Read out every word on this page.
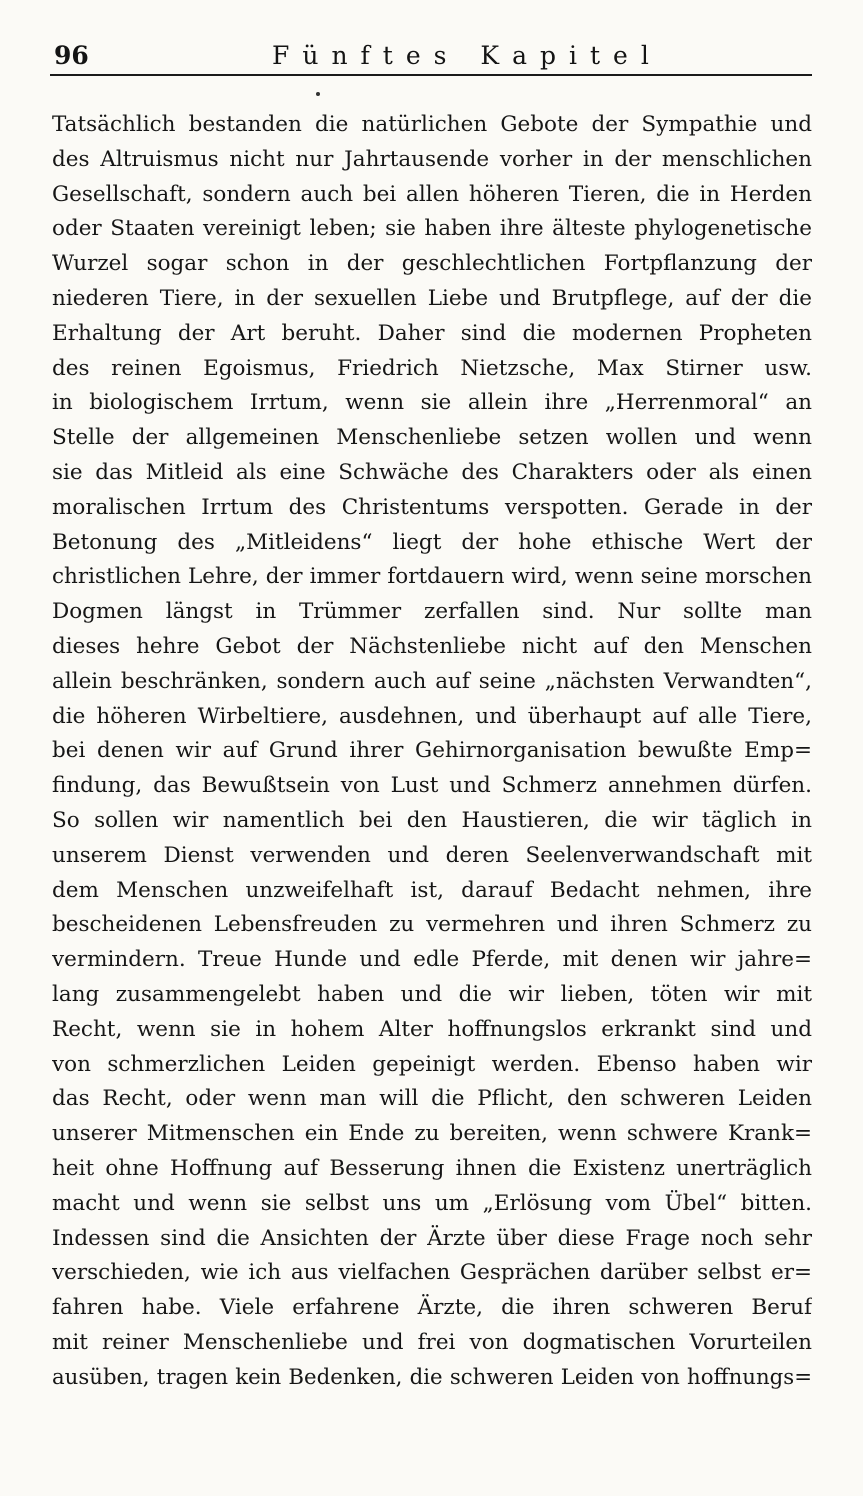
96	Fünftes Kapitel
Tatsächlich bestanden die natürlichen Gebote der Sympathie und
des Altruismus nicht nur Jahrtausende vorher in der menschlichen
Gesellschaft, sondern auch bei allen höheren Tieren, die in Herden
oder Staaten vereinigt leben; sie haben ihre älteste phylogenetische
Wurzel sogar schon in der geschlechtlichen Fortpflanzung der
niederen Tiere, in der sexuellen Liebe und Brutpflege, auf der die
Erhaltung der Art beruht. Daher sind die modernen Propheten
des reinen Egoismus, Friedrich Nietzsche, Max Stirner usw.
in biologischem Irrtum, wenn sie allein ihre „Herrenmoral“ an
Stelle der allgemeinen Menschenliebe setzen wollen und wenn
sie das Mitleid als eine Schwäche des Charakters oder als einen
moralischen Irrtum des Christentums verspotten. Gerade in der
Betonung des „Mitleidens“ liegt der hohe ethische Wert der
christlichen Lehre, der immer fortdauern wird, wenn seine morschen
Dogmen längst in Trümmer zerfallen sind. Nur sollte man
dieses hehre Gebot der Nächstenliebe nicht auf den Menschen
allein beschränken, sondern auch auf seine „nächsten Verwandten“,
die höheren Wirbeltiere, ausdehnen, und überhaupt auf alle Tiere,
bei denen wir auf Grund ihrer Gehirnorganisation bewußte Emp=
findung, das Bewußtsein von Lust und Schmerz annehmen dürfen.
So sollen wir namentlich bei den Haustieren, die wir täglich in
unserem Dienst verwenden und deren Seelenverwandschaft mit
dem Menschen unzweifelhaft ist, darauf Bedacht nehmen, ihre
bescheidenen Lebensfreuden zu vermehren und ihren Schmerz zu
vermindern. Treue Hunde und edle Pferde, mit denen wir jahre=
lang zusammengelebt haben und die wir lieben, töten wir mit
Recht, wenn sie in hohem Alter hoffnungslos erkrankt sind und
von schmerzlichen Leiden gepeinigt werden. Ebenso haben wir
das Recht, oder wenn man will die Pflicht, den schweren Leiden
unserer Mitmenschen ein Ende zu bereiten, wenn schwere Krank=
heit ohne Hoffnung auf Besserung ihnen die Existenz unerträglich
macht und wenn sie selbst uns um „Erlösung vom Übel“ bitten.
Indessen sind die Ansichten der Ärzte über diese Frage noch sehr
verschieden, wie ich aus vielfachen Gesprächen darüber selbst er=
fahren habe. Viele erfahrene Ärzte, die ihren schweren Beruf
mit reiner Menschenliebe und frei von dogmatischen Vorurteilen
ausüben, tragen kein Bedenken, die schweren Leiden von hoffnungs=
